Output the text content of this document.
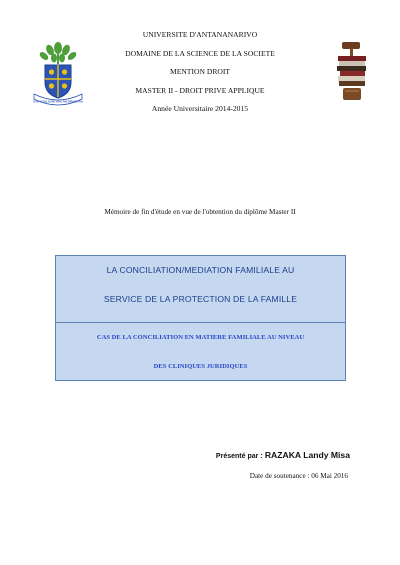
IZAY AZALA NO VOA AN-DRAKITRA
UNIVERSITE D'ANTANANARIVO
DOMAINE DE LA SCIENCE DE LA SOCIETE
MENTION DROIT
MASTER II - DROIT PRIVE APPLIQUE
Année Universitaire 2014-2015
Mémoire de fin d'étude en vue de l'obtention du diplôme Master II
LA CONCILIATION/MEDIATION FAMILIALE AU
SERVICE DE LA PROTECTION DE LA FAMILLE
CAS DE LA CONCILIATION EN MATIERE FAMILIALE AU NIVEAU
DES CLINIQUES JURIDIQUES
Présenté par : RAZAKA Landy Misa
Date de soutenance : 06 Mai 2016
